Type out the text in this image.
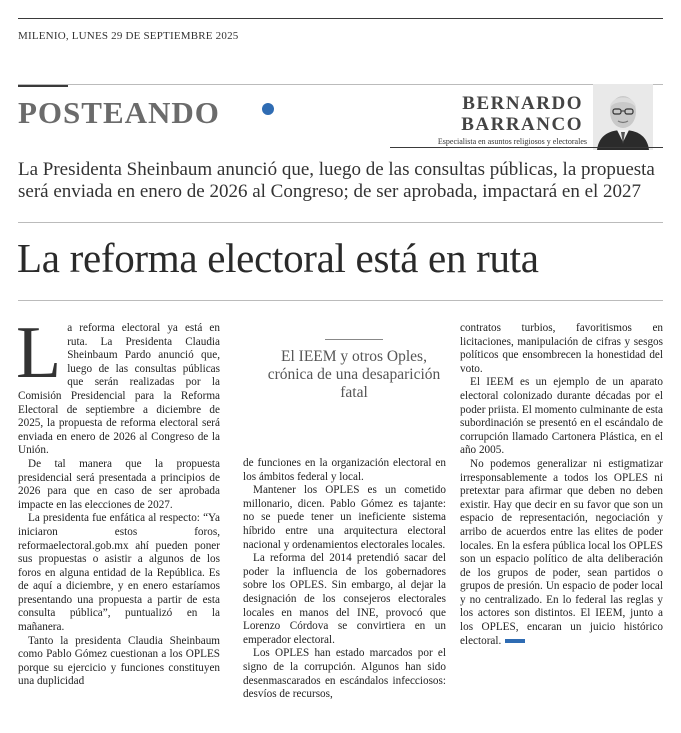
MILENIO, LUNES 29 DE SEPTIEMBRE 2025
POSTEANDO	BERNARDO
BARRANCO
Especialista en asuntos religiosos y electorales
La Presidenta Sheinbaum anunció que, luego de las consultas públicas, la propuesta será enviada en enero de 2026 al Congreso; de ser aprobada, impactará en el 2027
La reforma electoral está en ruta

La reforma electoral ya está en ruta. La Presidenta Claudia Sheinbaum Pardo anunció que, luego de las consultas públicas que serán realizadas por la Comisión Presidencial para la Reforma Electoral de septiembre a diciembre de 2025, la propuesta de reforma electoral será enviada en enero de 2026 al Congreso de la Unión.

De tal manera que la propuesta presidencial será presentada a principios de 2026 para que en caso de ser aprobada impacte en las elecciones de 2027.

La presidenta fue enfática al respecto: “Ya iniciaron estos foros, reformaelectoral.gob.mx ahí pueden poner sus propuestas o asistir a algunos de los foros en alguna entidad de la República. Es de aquí a diciembre, y en enero estaríamos presentando una propuesta a partir de esta consulta pública”, puntualizó en la mañanera.

Tanto la presidenta Claudia Sheinbaum como Pablo Gómez cuestionan a los OPLES porque su ejercicio y funciones constituyen una duplicidad

El IEEM y otros Oples, crónica de una desaparición fatal

de funciones en la organización electoral en los ámbitos federal y local.

Mantener los OPLES es un cometido millonario, dicen. Pablo Gómez es tajante: no se puede tener un ineficiente sistema híbrido entre una arquitectura electoral nacional y ordenamientos electorales locales.

La reforma del 2014 pretendió sacar del poder la influencia de los gobernadores sobre los OPLES. Sin embargo, al dejar la designación de los consejeros electorales locales en manos del INE, provocó que Lorenzo Córdova se convirtiera en un emperador electoral.

Los OPLES han estado marcados por el signo de la corrupción. Algunos han sido desenmascarados en escándalos infecciosos: desvíos de recursos,

contratos turbios, favoritismos en licitaciones, manipulación de cifras y sesgos políticos que ensombrecen la honestidad del voto.

El IEEM es un ejemplo de un aparato electoral colonizado durante décadas por el poder priista. El momento culminante de esta subordinación se presentó en el escándalo de corrupción llamado Cartonera Plástica, en el año 2005.

No podemos generalizar ni estigmatizar irresponsablemente a todos los OPLES ni pretextar para afirmar que deben no deben existir. Hay que decir en su favor que son un espacio de representación, negociación y arribo de acuerdos entre las elites de poder locales. En la esfera pública local los OPLES son un espacio político de alta deliberación de los grupos de poder, sean partidos o grupos de presión. Un espacio de poder local y no centralizado. En lo federal las reglas y los actores son distintos. El IEEM, junto a los OPLES, encaran un juicio histórico electoral.
